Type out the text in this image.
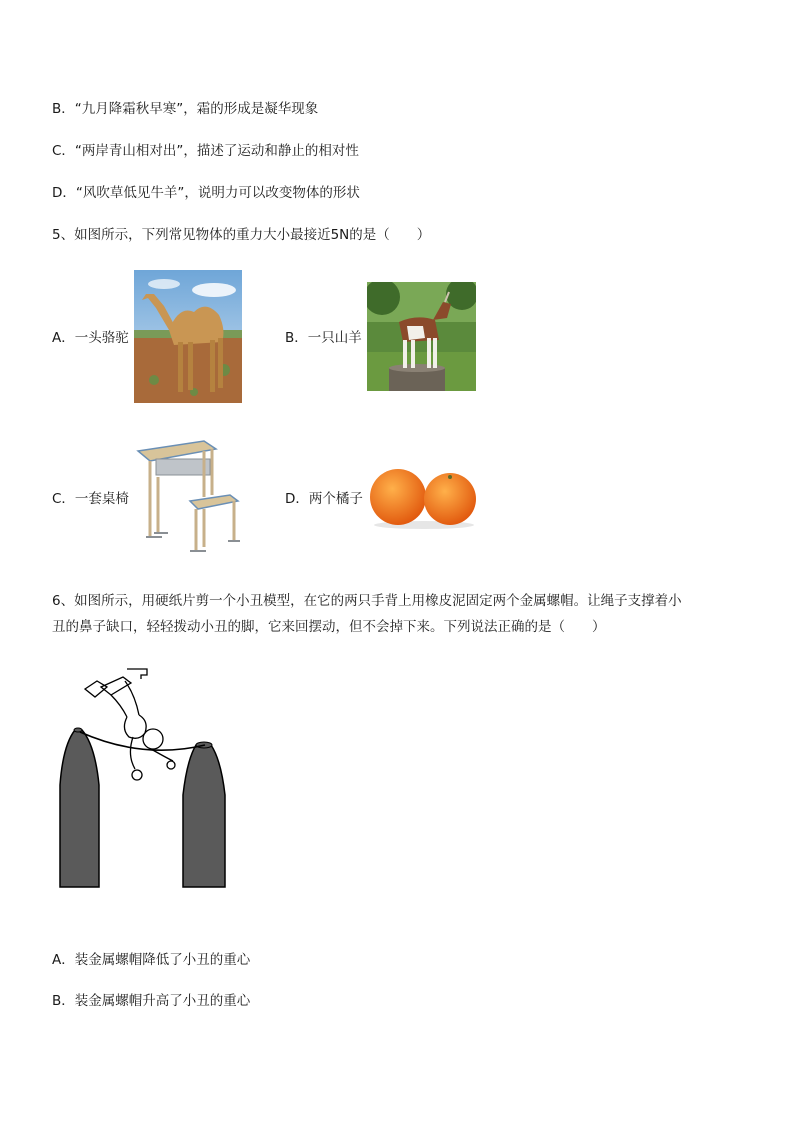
B．“九月降霜秋早寒”，霜的形成是凝华现象
C．“两岸青山相对出”，描述了运动和静止的相对性
D．“风吹草低见牛羊”，说明力可以改变物体的形状
5、如图所示，下列常见物体的重力大小最接近5N的是（　　）
A．一头骆驼	B．一只山羊
C．一套桌椅	D．两个橘子
6、如图所示，用硬纸片剪一个小丑模型，在它的两只手背上用橡皮泥固定两个金属螺帽。让绳子支撑着小
丑的鼻子缺口，轻轻拨动小丑的脚，它来回摆动，但不会掉下来。下列说法正确的是（　　）
A．装金属螺帽降低了小丑的重心
B．装金属螺帽升高了小丑的重心
